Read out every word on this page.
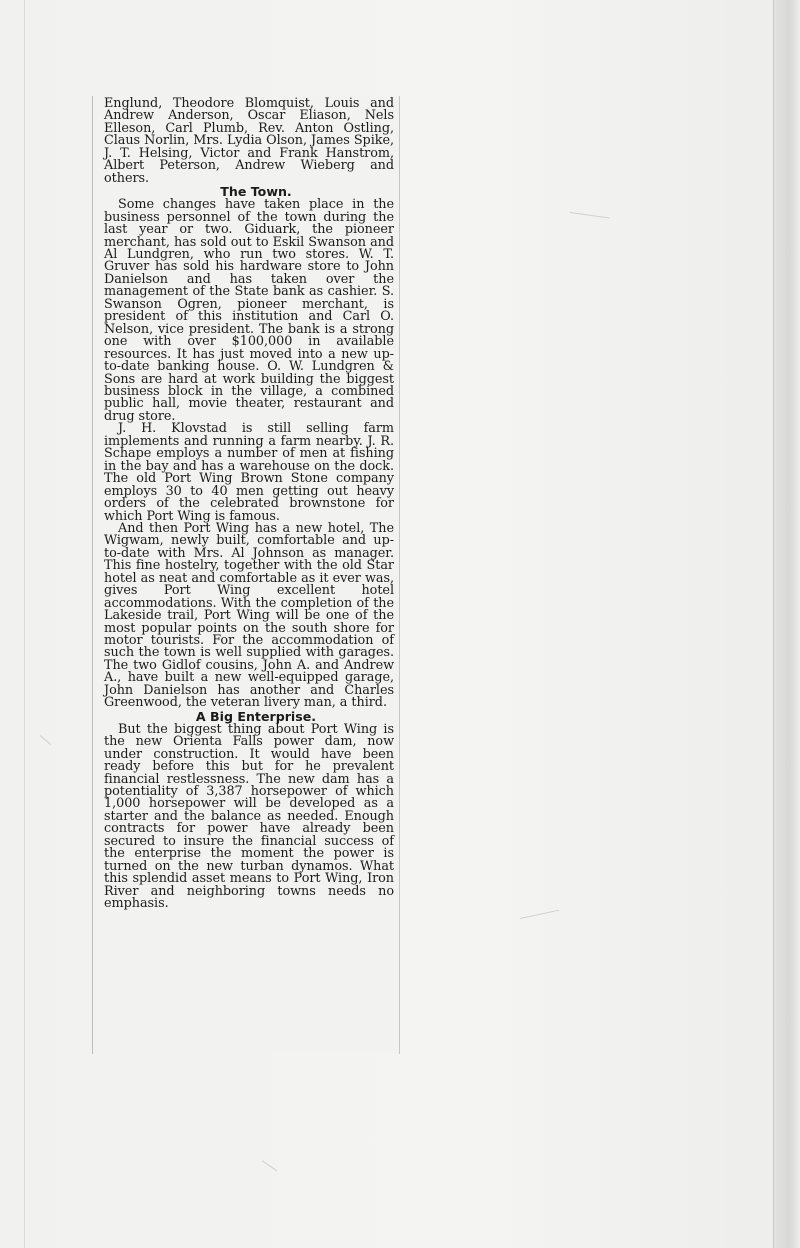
Englund, Theodore Blomquist, Louis and Andrew Anderson, Oscar Eliason, Nels Elleson, Carl Plumb, Rev. Anton Ostling, Claus Norlin, Mrs. Lydia Olson, James Spike, J. T. Helsing, Victor and Frank Hanstrom, Albert Peterson, Andrew Wieberg and others.

The Town.

Some changes have taken place in the business personnel of the town during the last year or two. Giduark, the pioneer merchant, has sold out to Eskil Swanson and Al Lundgren, who run two stores. W. T. Gruver has sold his hardware store to John Danielson and has taken over the management of the State bank as cashier. S. Swanson Ogren, pioneer merchant, is president of this institution and Carl O. Nelson, vice president. The bank is a strong one with over $100,000 in available resources. It has just moved into a new up-to-date banking house. O. W. Lundgren & Sons are hard at work building the biggest business block in the village, a combined public hall, movie theater, restaurant and drug store.

J. H. Klovstad is still selling farm implements and running a farm nearby. J. R. Schape employs a number of men at fishing in the bay and has a warehouse on the dock. The old Port Wing Brown Stone company employs 30 to 40 men getting out heavy orders of the celebrated brownstone for which Port Wing is famous.

And then Port Wing has a new hotel, The Wigwam, newly built, comfortable and up-to-date with Mrs. Al Johnson as manager. This fine hostelry, together with the old Star hotel as neat and comfortable as it ever was, gives Port Wing excellent hotel accommodations. With the completion of the Lakeside trail, Port Wing will be one of the most popular points on the south shore for motor tourists. For the accommodation of such the town is well supplied with garages. The two Gidlof cousins, John A. and Andrew A., have built a new well-equipped garage, John Danielson has another and Charles Greenwood, the veteran livery man, a third.

A Big Enterprise.

But the biggest thing about Port Wing is the new Orienta Falls power dam, now under construction. It would have been ready before this but for he prevalent financial restlessness. The new dam has a potentiality of 3,387 horsepower of which 1,000 horsepower will be developed as a starter and the balance as needed. Enough contracts for power have already been secured to insure the financial success of the enterprise the moment the power is turned on the new turban dynamos. What this splendid asset means to Port Wing, Iron River and neighboring towns needs no emphasis.
